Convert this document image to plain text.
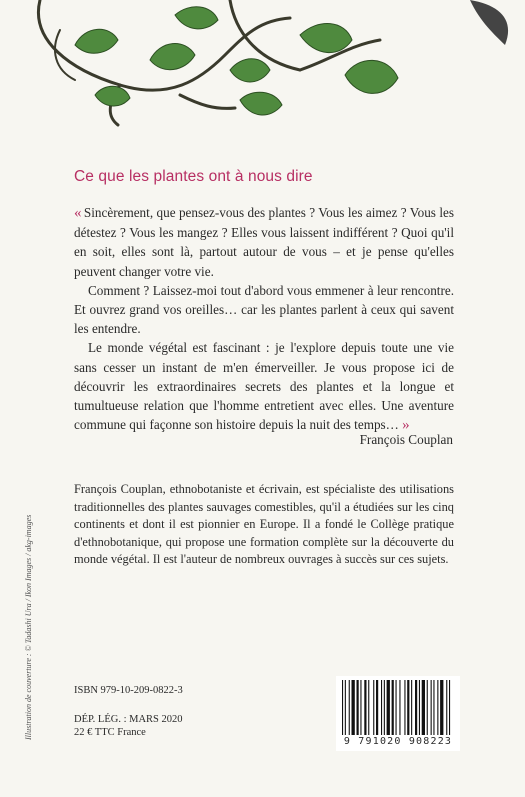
Ce que les plantes ont à nous dire

« Sincèrement, que pensez-vous des plantes ? Vous les aimez ? Vous les détestez ? Vous les mangez ? Elles vous laissent indifférent ? Quoi qu'il en soit, elles sont là, partout autour de vous – et je pense qu'elles peuvent changer votre vie.

Comment ? Laissez-moi tout d'abord vous emmener à leur rencontre. Et ouvrez grand vos oreilles… car les plantes parlent à ceux qui savent les entendre.

Le monde végétal est fascinant : je l'explore depuis toute une vie sans cesser un instant de m'en émerveiller. Je vous propose ici de découvrir les extraordinaires secrets des plantes et la longue et tumultueuse relation que l'homme entretient avec elles. Une aventure commune qui façonne son histoire depuis la nuit des temps… »

François Couplan
François Couplan, ethnobotaniste et écrivain, est spécialiste des utilisations traditionnelles des plantes sauvages comestibles, qu'il a étudiées sur les cinq continents et dont il est pionnier en Europe. Il a fondé le Collège pratique d'ethnobotanique, qui propose une formation complète sur la découverte du monde végétal. Il est l'auteur de nombreux ouvrages à succès sur ces sujets.
Illustration de couverture : © Tadashi Ura / Ikon Images / akg-images	ISBN 979-10-209-0822-3
DÉP. LÉG. : MARS 2020
22 € TTC France
9 791020 908223
